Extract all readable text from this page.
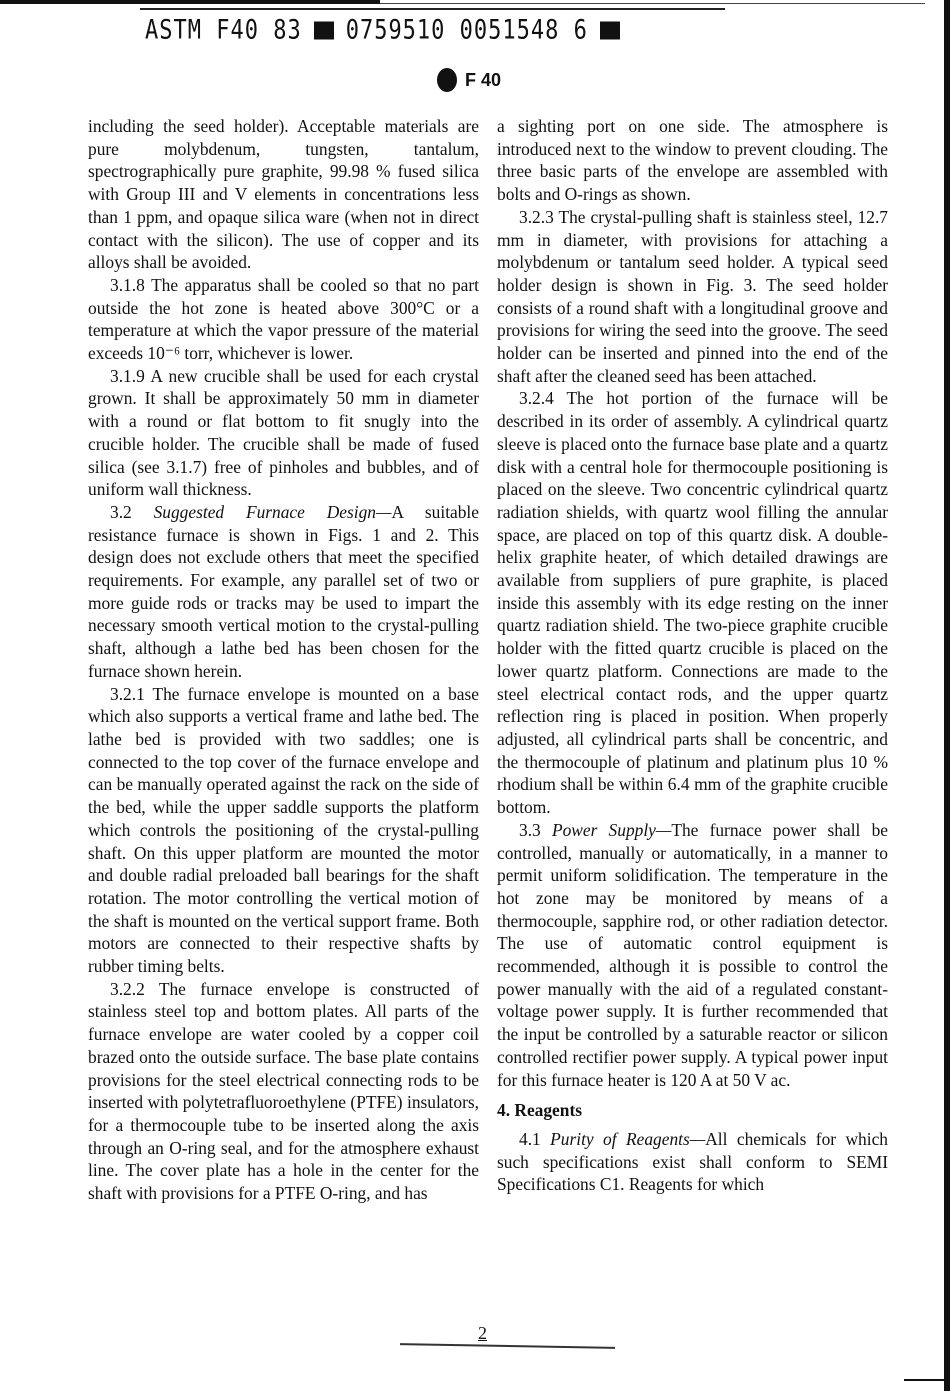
ASTM F40 83 0759510 0051548 6
F 40

including the seed holder). Acceptable materials are pure molybdenum, tungsten, tantalum, spectrographically pure graphite, 99.98 % fused silica with Group III and V elements in concentrations less than 1 ppm, and opaque silica ware (when not in direct contact with the silicon). The use of copper and its alloys shall be avoided.

3.1.8 The apparatus shall be cooled so that no part outside the hot zone is heated above 300°C or a temperature at which the vapor pressure of the material exceeds 10⁻⁶ torr, whichever is lower.

3.1.9 A new crucible shall be used for each crystal grown. It shall be approximately 50 mm in diameter with a round or flat bottom to fit snugly into the crucible holder. The crucible shall be made of fused silica (see 3.1.7) free of pinholes and bubbles, and of uniform wall thickness.

3.2 Suggested Furnace Design—A suitable resistance furnace is shown in Figs. 1 and 2. This design does not exclude others that meet the specified requirements. For example, any parallel set of two or more guide rods or tracks may be used to impart the necessary smooth vertical motion to the crystal-pulling shaft, although a lathe bed has been chosen for the furnace shown herein.

3.2.1 The furnace envelope is mounted on a base which also supports a vertical frame and lathe bed. The lathe bed is provided with two saddles; one is connected to the top cover of the furnace envelope and can be manually operated against the rack on the side of the bed, while the upper saddle supports the platform which controls the positioning of the crystal-pulling shaft. On this upper platform are mounted the motor and double radial preloaded ball bearings for the shaft rotation. The motor controlling the vertical motion of the shaft is mounted on the vertical support frame. Both motors are connected to their respective shafts by rubber timing belts.

3.2.2 The furnace envelope is constructed of stainless steel top and bottom plates. All parts of the furnace envelope are water cooled by a copper coil brazed onto the outside surface. The base plate contains provisions for the steel electrical connecting rods to be inserted with polytetrafluoroethylene (PTFE) insulators, for a thermocouple tube to be inserted along the axis through an O-ring seal, and for the atmosphere exhaust line. The cover plate has a hole in the center for the shaft with provisions for a PTFE O-ring, and has

a sighting port on one side. The atmosphere is introduced next to the window to prevent clouding. The three basic parts of the envelope are assembled with bolts and O-rings as shown.

3.2.3 The crystal-pulling shaft is stainless steel, 12.7 mm in diameter, with provisions for attaching a molybdenum or tantalum seed holder. A typical seed holder design is shown in Fig. 3. The seed holder consists of a round shaft with a longitudinal groove and provisions for wiring the seed into the groove. The seed holder can be inserted and pinned into the end of the shaft after the cleaned seed has been attached.

3.2.4 The hot portion of the furnace will be described in its order of assembly. A cylindrical quartz sleeve is placed onto the furnace base plate and a quartz disk with a central hole for thermocouple positioning is placed on the sleeve. Two concentric cylindrical quartz radiation shields, with quartz wool filling the annular space, are placed on top of this quartz disk. A double-helix graphite heater, of which detailed drawings are available from suppliers of pure graphite, is placed inside this assembly with its edge resting on the inner quartz radiation shield. The two-piece graphite crucible holder with the fitted quartz crucible is placed on the lower quartz platform. Connections are made to the steel electrical contact rods, and the upper quartz reflection ring is placed in position. When properly adjusted, all cylindrical parts shall be concentric, and the thermocouple of platinum and platinum plus 10 % rhodium shall be within 6.4 mm of the graphite crucible bottom.

3.3 Power Supply—The furnace power shall be controlled, manually or automatically, in a manner to permit uniform solidification. The temperature in the hot zone may be monitored by means of a thermocouple, sapphire rod, or other radiation detector. The use of automatic control equipment is recommended, although it is possible to control the power manually with the aid of a regulated constant-voltage power supply. It is further recommended that the input be controlled by a saturable reactor or silicon controlled rectifier power supply. A typical power input for this furnace heater is 120 A at 50 V ac.

4. Reagents

4.1 Purity of Reagents—All chemicals for which such specifications exist shall conform to SEMI Specifications C1. Reagents for which

2
